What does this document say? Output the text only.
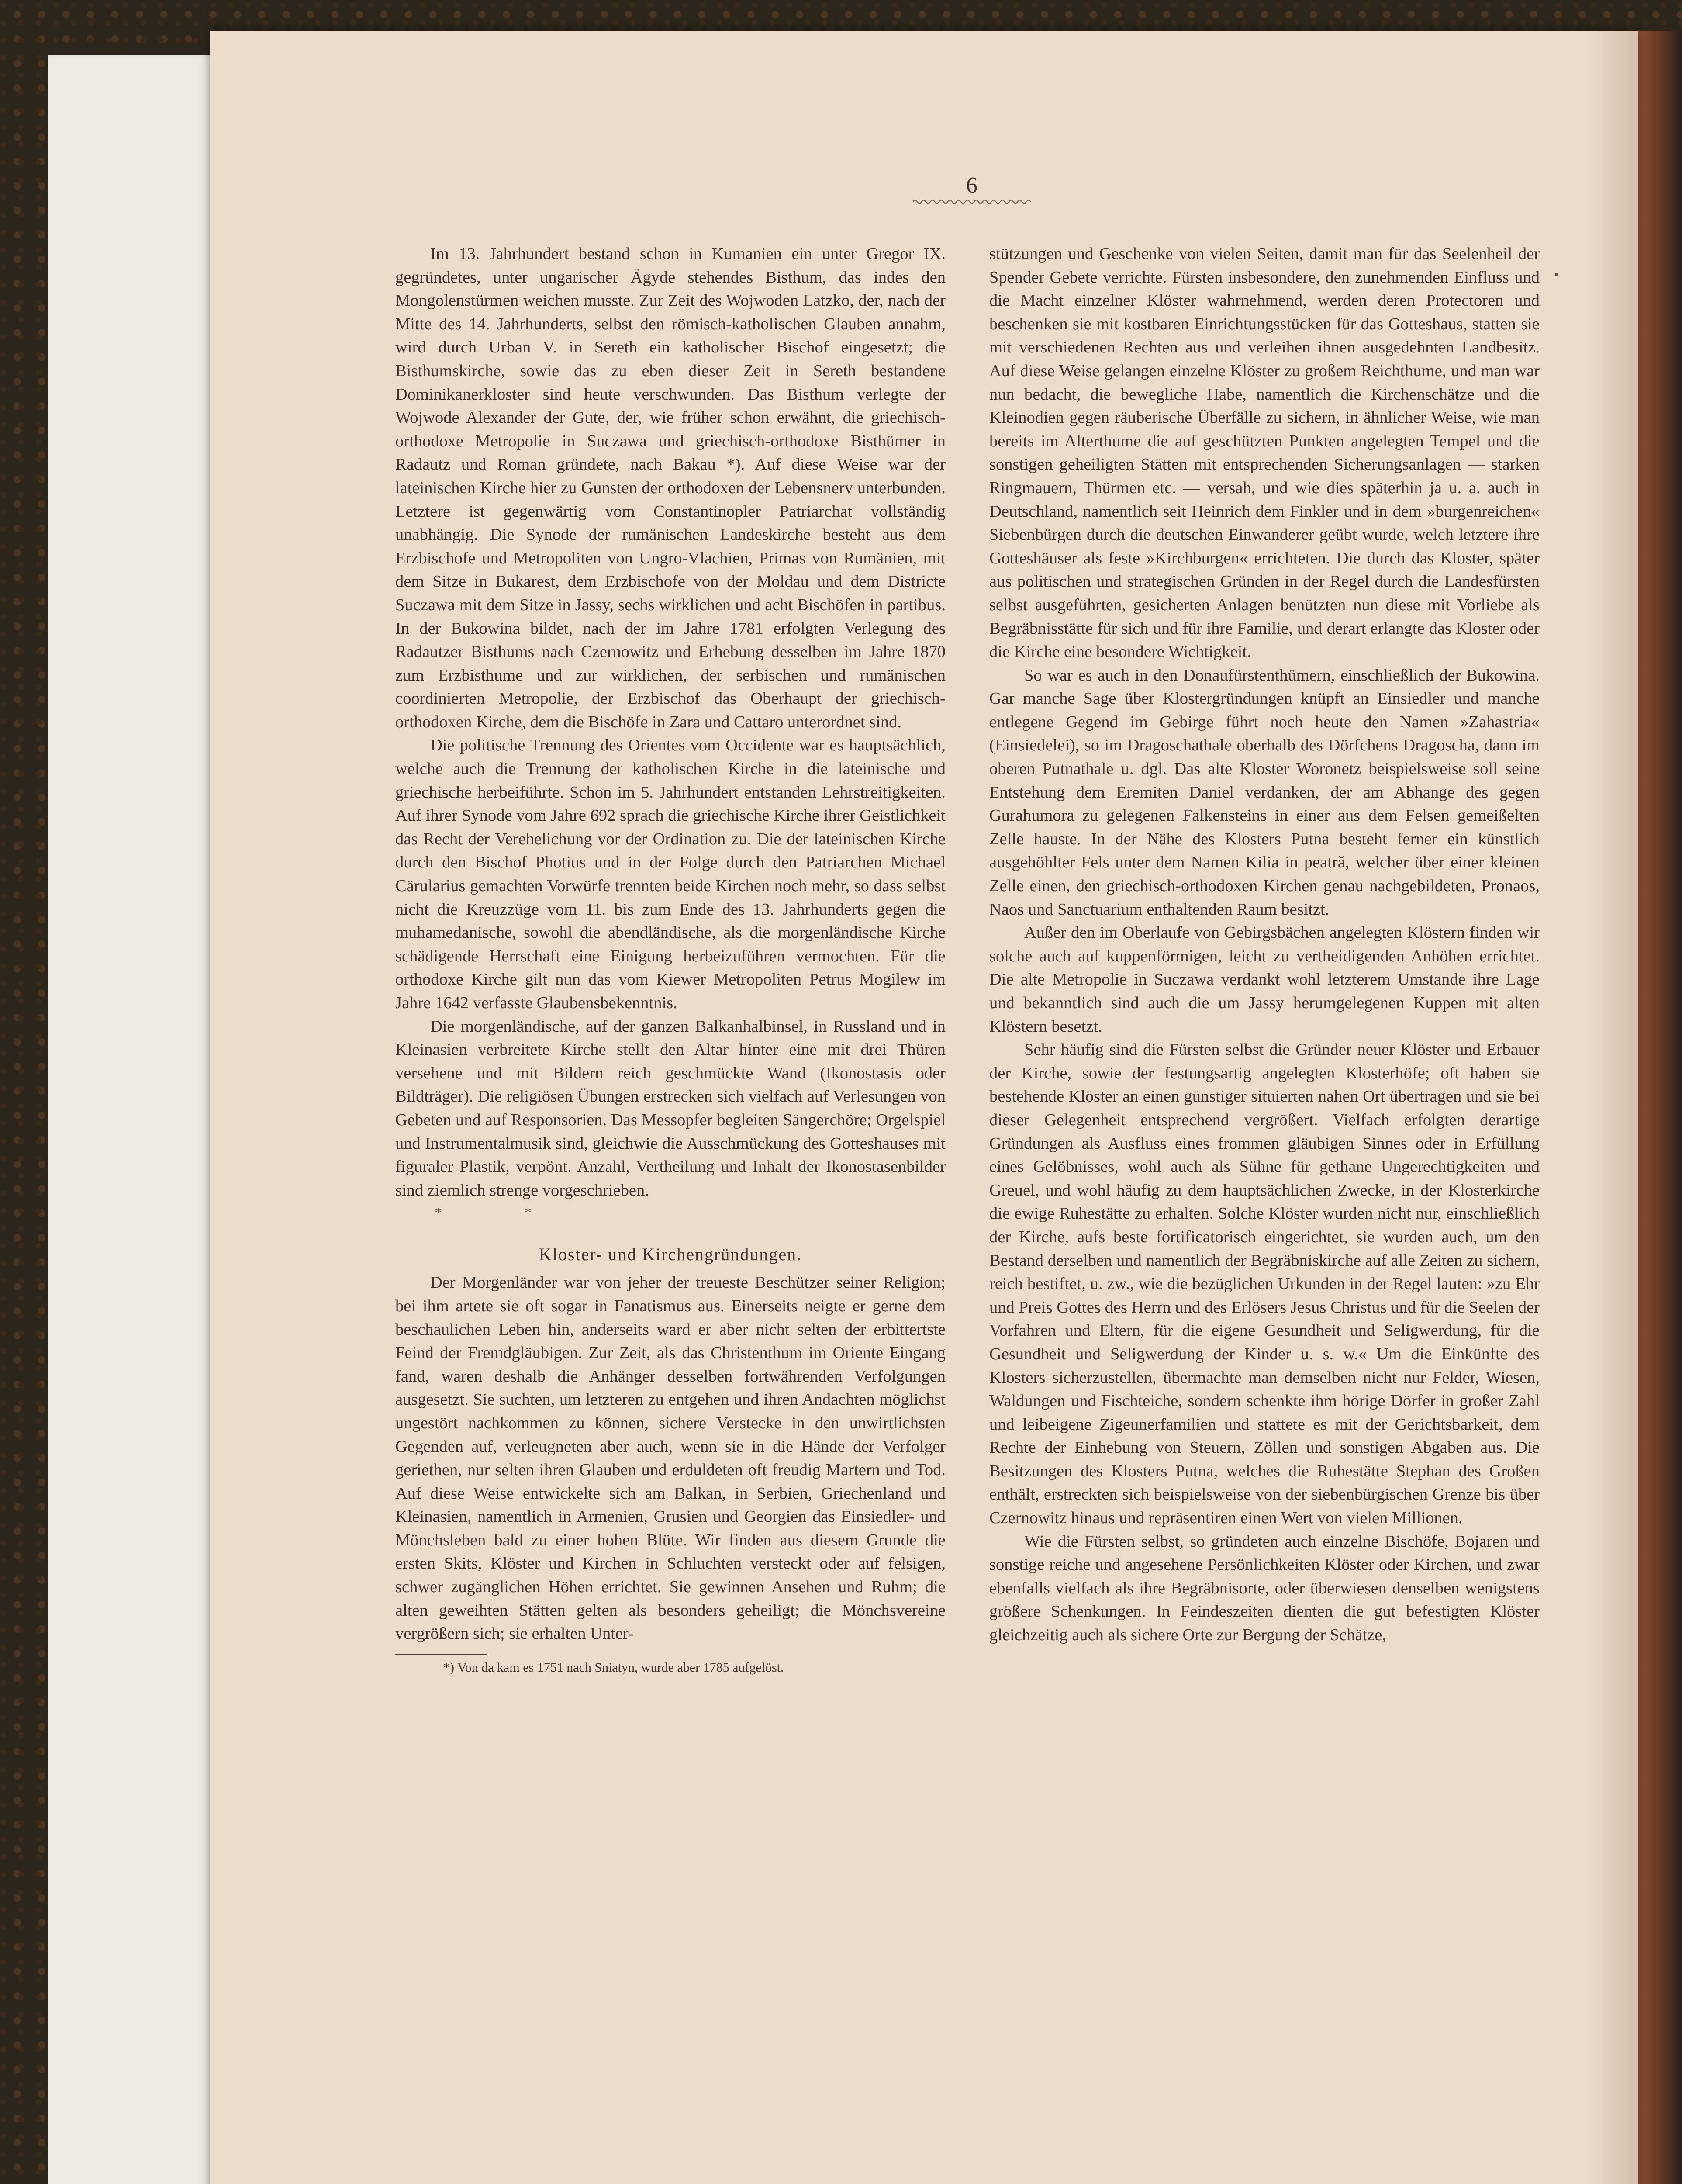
6

Im 13. Jahrhundert bestand schon in Kumanien ein unter Gregor IX. gegründetes, unter ungarischer Ägyde stehendes Bisthum, das indes den Mongolenstürmen weichen musste. Zur Zeit des Wojwoden Latzko, der, nach der Mitte des 14. Jahrhunderts, selbst den römisch-katholischen Glauben annahm, wird durch Urban V. in Sereth ein katholischer Bischof eingesetzt; die Bisthumskirche, sowie das zu eben dieser Zeit in Sereth bestandene Dominikanerkloster sind heute verschwunden. Das Bisthum verlegte der Wojwode Alexander der Gute, der, wie früher schon erwähnt, die griechisch-orthodoxe Metropolie in Suczawa und griechisch-orthodoxe Bisthümer in Radautz und Roman gründete, nach Bakau *). Auf diese Weise war der lateinischen Kirche hier zu Gunsten der orthodoxen der Lebensnerv unterbunden. Letztere ist gegenwärtig vom Constantinopler Patriarchat vollständig unabhängig. Die Synode der rumänischen Landeskirche besteht aus dem Erzbischofe und Metropoliten von Ungro-Vlachien, Primas von Rumänien, mit dem Sitze in Bukarest, dem Erzbischofe von der Moldau und dem Districte Suczawa mit dem Sitze in Jassy, sechs wirklichen und acht Bischöfen in partibus. In der Bukowina bildet, nach der im Jahre 1781 erfolgten Verlegung des Radautzer Bisthums nach Czernowitz und Erhebung desselben im Jahre 1870 zum Erzbisthume und zur wirklichen, der serbischen und rumänischen coordinierten Metropolie, der Erzbischof das Oberhaupt der griechisch-orthodoxen Kirche, dem die Bischöfe in Zara und Cattaro unterordnet sind.

Die politische Trennung des Orientes vom Occidente war es hauptsächlich, welche auch die Trennung der katholischen Kirche in die lateinische und griechische herbeiführte. Schon im 5. Jahrhundert entstanden Lehrstreitigkeiten. Auf ihrer Synode vom Jahre 692 sprach die griechische Kirche ihrer Geistlichkeit das Recht der Verehelichung vor der Ordination zu. Die der lateinischen Kirche durch den Bischof Photius und in der Folge durch den Patriarchen Michael Cärularius gemachten Vorwürfe trennten beide Kirchen noch mehr, so dass selbst nicht die Kreuzzüge vom 11. bis zum Ende des 13. Jahrhunderts gegen die muhamedanische, sowohl die abendländische, als die morgenländische Kirche schädigende Herrschaft eine Einigung herbeizuführen vermochten. Für die orthodoxe Kirche gilt nun das vom Kiewer Metropoliten Petrus Mogilew im Jahre 1642 verfasste Glaubensbekenntnis.

Die morgenländische, auf der ganzen Balkanhalbinsel, in Russland und in Kleinasien verbreitete Kirche stellt den Altar hinter eine mit drei Thüren versehene und mit Bildern reich geschmückte Wand (Ikonostasis oder Bildträger). Die religiösen Übungen erstrecken sich vielfach auf Verlesungen von Gebeten und auf Responsorien. Das Messopfer begleiten Sängerchöre; Orgelspiel und Instrumentalmusik sind, gleichwie die Ausschmückung des Gotteshauses mit figuraler Plastik, verpönt. Anzahl, Vertheilung und Inhalt der Ikonostasenbilder sind ziemlich strenge vorgeschrieben.

* *

Kloster- und Kirchengründungen.

Der Morgenländer war von jeher der treueste Beschützer seiner Religion; bei ihm artete sie oft sogar in Fanatismus aus. Einerseits neigte er gerne dem beschaulichen Leben hin, anderseits ward er aber nicht selten der erbittertste Feind der Fremdgläubigen. Zur Zeit, als das Christenthum im Oriente Eingang fand, waren deshalb die Anhänger desselben fortwährenden Verfolgungen ausgesetzt. Sie suchten, um letzteren zu entgehen und ihren Andachten möglichst ungestört nachkommen zu können, sichere Verstecke in den unwirtlichsten Gegenden auf, verleugneten aber auch, wenn sie in die Hände der Verfolger geriethen, nur selten ihren Glauben und erduldeten oft freudig Martern und Tod. Auf diese Weise entwickelte sich am Balkan, in Serbien, Griechenland und Kleinasien, namentlich in Armenien, Grusien und Georgien das Einsiedler- und Mönchsleben bald zu einer hohen Blüte. Wir finden aus diesem Grunde die ersten Skits, Klöster und Kirchen in Schluchten versteckt oder auf felsigen, schwer zugänglichen Höhen errichtet. Sie gewinnen Ansehen und Ruhm; die alten geweihten Stätten gelten als besonders geheiligt; die Mönchsvereine vergrößern sich; sie erhalten Unter-

*) Von da kam es 1751 nach Sniatyn, wurde aber 1785 aufgelöst.

stützungen und Geschenke von vielen Seiten, damit man für das Seelenheil der Spender Gebete verrichte. Fürsten insbesondere, den zunehmenden Einfluss und die Macht einzelner Klöster wahrnehmend, werden deren Protectoren und beschenken sie mit kostbaren Einrichtungsstücken für das Gotteshaus, statten sie mit verschiedenen Rechten aus und verleihen ihnen ausgedehnten Landbesitz. Auf diese Weise gelangen einzelne Klöster zu großem Reichthume, und man war nun bedacht, die bewegliche Habe, namentlich die Kirchenschätze und die Kleinodien gegen räuberische Überfälle zu sichern, in ähnlicher Weise, wie man bereits im Alterthume die auf geschützten Punkten angelegten Tempel und die sonstigen geheiligten Stätten mit entsprechenden Sicherungsanlagen — starken Ringmauern, Thürmen etc. — versah, und wie dies späterhin ja u. a. auch in Deutschland, namentlich seit Heinrich dem Finkler und in dem »burgenreichen« Siebenbürgen durch die deutschen Einwanderer geübt wurde, welch letztere ihre Gotteshäuser als feste »Kirchburgen« errichteten. Die durch das Kloster, später aus politischen und strategischen Gründen in der Regel durch die Landesfürsten selbst ausgeführten, gesicherten Anlagen benützten nun diese mit Vorliebe als Begräbnisstätte für sich und für ihre Familie, und derart erlangte das Kloster oder die Kirche eine besondere Wichtigkeit.

So war es auch in den Donaufürstenthümern, einschließlich der Bukowina. Gar manche Sage über Klostergründungen knüpft an Einsiedler und manche entlegene Gegend im Gebirge führt noch heute den Namen »Zahastria« (Einsiedelei), so im Dragoschathale oberhalb des Dörfchens Dragoscha, dann im oberen Putnathale u. dgl. Das alte Kloster Woronetz beispielsweise soll seine Entstehung dem Eremiten Daniel verdanken, der am Abhange des gegen Gurahumora zu gelegenen Falkensteins in einer aus dem Felsen gemeißelten Zelle hauste. In der Nähe des Klosters Putna besteht ferner ein künstlich ausgehöhlter Fels unter dem Namen Kilia in peatră, welcher über einer kleinen Zelle einen, den griechisch-orthodoxen Kirchen genau nachgebildeten, Pronaos, Naos und Sanctuarium enthaltenden Raum besitzt.

Außer den im Oberlaufe von Gebirgsbächen angelegten Klöstern finden wir solche auch auf kuppenförmigen, leicht zu vertheidigenden Anhöhen errichtet. Die alte Metropolie in Suczawa verdankt wohl letzterem Umstande ihre Lage und bekanntlich sind auch die um Jassy herumgelegenen Kuppen mit alten Klöstern besetzt.

Sehr häufig sind die Fürsten selbst die Gründer neuer Klöster und Erbauer der Kirche, sowie der festungsartig angelegten Klosterhöfe; oft haben sie bestehende Klöster an einen günstiger situierten nahen Ort übertragen und sie bei dieser Gelegenheit entsprechend vergrößert. Vielfach erfolgten derartige Gründungen als Ausfluss eines frommen gläubigen Sinnes oder in Erfüllung eines Gelöbnisses, wohl auch als Sühne für gethane Ungerechtigkeiten und Greuel, und wohl häufig zu dem hauptsächlichen Zwecke, in der Klosterkirche die ewige Ruhestätte zu erhalten. Solche Klöster wurden nicht nur, einschließlich der Kirche, aufs beste fortificatorisch eingerichtet, sie wurden auch, um den Bestand derselben und namentlich der Begräbniskirche auf alle Zeiten zu sichern, reich bestiftet, u. zw., wie die bezüglichen Urkunden in der Regel lauten: »zu Ehr und Preis Gottes des Herrn und des Erlösers Jesus Christus und für die Seelen der Vorfahren und Eltern, für die eigene Gesundheit und Seligwerdung, für die Gesundheit und Seligwerdung der Kinder u. s. w.« Um die Einkünfte des Klosters sicherzustellen, übermachte man demselben nicht nur Felder, Wiesen, Waldungen und Fischteiche, sondern schenkte ihm hörige Dörfer in großer Zahl und leibeigene Zigeunerfamilien und stattete es mit der Gerichtsbarkeit, dem Rechte der Einhebung von Steuern, Zöllen und sonstigen Abgaben aus. Die Besitzungen des Klosters Putna, welches die Ruhestätte Stephan des Großen enthält, erstreckten sich beispielsweise von der siebenbürgischen Grenze bis über Czernowitz hinaus und repräsentiren einen Wert von vielen Millionen.

Wie die Fürsten selbst, so gründeten auch einzelne Bischöfe, Bojaren und sonstige reiche und angesehene Persönlichkeiten Klöster oder Kirchen, und zwar ebenfalls vielfach als ihre Begräbnisorte, oder überwiesen denselben wenigstens größere Schenkungen. In Feindeszeiten dienten die gut befestigten Klöster gleichzeitig auch als sichere Orte zur Bergung der Schätze,
